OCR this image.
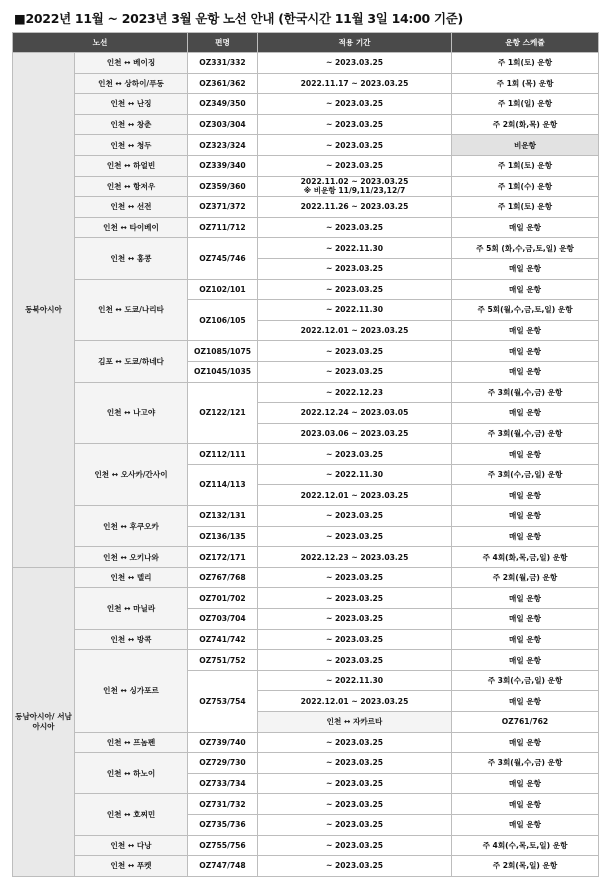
■2022년 11월 ~ 2023년 3월 운항 노선 안내 (한국시간 11월 3일 14:00 기준)
노선		편명	적용 기간	운항 스케쥴	
동북아시아	인천 ↔ 베이징	OZ331/332	~ 2023.03.25	주 1회(토) 운항	
	인천 ↔ 상하이/푸동	OZ361/362	2022.11.17 ~ 2023.03.25	주 1회 (목) 운항	
	인천 ↔ 난징	OZ349/350	~ 2023.03.25	주 1회(일) 운항	
	인천 ↔ 창춘	OZ303/304	~ 2023.03.25	주 2회(화,목) 운항	
	인천 ↔ 청두	OZ323/324	~ 2023.03.25	비운항	
	인천 ↔ 하얼빈	OZ339/340	~ 2023.03.25	주 1회(토) 운항	
	인천 ↔ 항저우	OZ359/360	2022.11.02 ~ 2023.03.25
※ 비운항 11/9,11/23,12/7	주 1회(수) 운항	
	인천 ↔ 선전	OZ371/372	2022.11.26 ~ 2023.03.25	주 1회(토) 운항	
	인천 ↔ 타이베이	OZ711/712	~ 2023.03.25	매일 운항	
	인천 ↔ 홍콩	OZ745/746	~ 2022.11.30	주 5회 (화,수,금,토,일) 운항	
			~ 2023.03.25	매일 운항	
	인천 ↔ 도쿄/나리타	OZ102/101	~ 2023.03.25	매일 운항	
		OZ106/105	~ 2022.11.30	주 5회(월,수,금,토,일) 운항	
			2022.12.01 ~ 2023.03.25	매일 운항	
	김포 ↔ 도쿄/하네다	OZ1085/1075	~ 2023.03.25	매일 운항	
		OZ1045/1035	~ 2023.03.25	매일 운항	
	인천 ↔ 나고야	OZ122/121	~ 2022.12.23	주 3회(월,수,금) 운항	
			2022.12.24 ~ 2023.03.05	매일 운항	
			2023.03.06 ~ 2023.03.25	주 3회(월,수,금) 운항	
	인천 ↔ 오사카/간사이	OZ112/111	~ 2023.03.25	매일 운항	
		OZ114/113	~ 2022.11.30	주 3회(수,금,일) 운항	
			2022.12.01 ~ 2023.03.25	매일 운항	
	인천 ↔ 후쿠오카	OZ132/131	~ 2023.03.25	매일 운항	
		OZ136/135	~ 2023.03.25	매일 운항	
	인천 ↔ 오키나와	OZ172/171	2022.12.23 ~ 2023.03.25	주 4회(화,목,금,일) 운항	
동남아시아/ 서남아시아	인천 ↔ 델리	OZ767/768	~ 2023.03.25	주 2회(월,금) 운항	
	인천 ↔ 마닐라	OZ701/702	~ 2023.03.25	매일 운항	
		OZ703/704	~ 2023.03.25	매일 운항	
	인천 ↔ 방콕	OZ741/742	~ 2023.03.25	매일 운항	
	인천 ↔ 싱가포르	OZ751/752	~ 2023.03.25	매일 운항	
		OZ753/754	~ 2022.11.30	주 3회(수,금,일) 운항	
			2022.12.01 ~ 2023.03.25	매일 운항	
			인천 ↔ 자카르타	OZ761/762		
	인천 ↔ 프놈펜	OZ739/740	~ 2023.03.25	매일 운항	
	인천 ↔ 하노이	OZ729/730	~ 2023.03.25	주 3회(월,수,금) 운항	
		OZ733/734	~ 2023.03.25	매일 운항	
	인천 ↔ 호찌민	OZ731/732	~ 2023.03.25	매일 운항	
		OZ735/736	~ 2023.03.25	매일 운항	
	인천 ↔ 다낭	OZ755/756	~ 2023.03.25	주 4회(수,목,토,일) 운항	
	인천 ↔ 푸켓	OZ747/748	~ 2023.03.25	주 2회(목,일) 운항	
